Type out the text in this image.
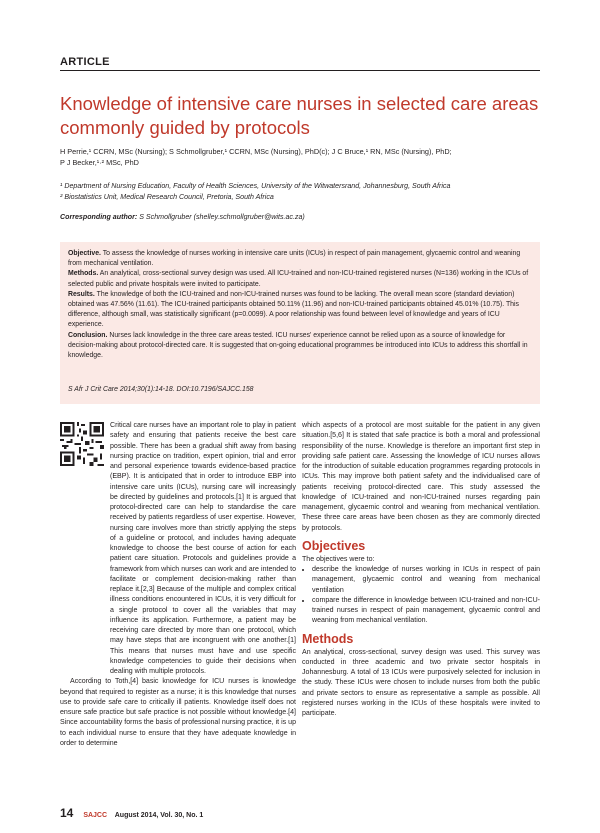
ARTICLE
Knowledge of intensive care nurses in selected care areas commonly guided by protocols
H Perrie,¹ CCRN, MSc (Nursing); S Schmollgruber,¹ CCRN, MSc (Nursing), PhD(c); J C Bruce,¹ RN, MSc (Nursing), PhD;
P J Becker,¹·² MSc, PhD
¹ Department of Nursing Education, Faculty of Health Sciences, University of the Witwatersrand, Johannesburg, South Africa
² Biostatistics Unit, Medical Research Council, Pretoria, South Africa
Corresponding author: S Schmollgruber (shelley.schmollgruber@wits.ac.za)

Objective. To assess the knowledge of nurses working in intensive care units (ICUs) in respect of pain management, glycaemic control and weaning from mechanical ventilation.

Methods. An analytical, cross-sectional survey design was used. All ICU-trained and non-ICU-trained registered nurses (N=136) working in the ICUs of selected public and private hospitals were invited to participate.

Results. The knowledge of both the ICU-trained and non-ICU-trained nurses was found to be lacking. The overall mean score (standard deviation) obtained was 47.56% (11.61). The ICU-trained participants obtained 50.11% (11.96) and non-ICU-trained participants obtained 45.01% (10.75). This difference, although small, was statistically significant (p=0.0099). A poor relationship was found between level of knowledge and years of ICU experience.

Conclusion. Nurses lack knowledge in the three care areas tested. ICU nurses' experience cannot be relied upon as a source of knowledge for decision-making about protocol-directed care. It is suggested that on-going educational programmes be introduced into ICUs to address this shortfall in knowledge.

S Afr J Crit Care 2014;30(1):14-18. DOI:10.7196/SAJCC.158

Critical care nurses have an important role to play in patient safety and ensuring that patients receive the best care possible. There has been a gradual shift away from basing nursing practice on tradition, expert opinion, trial and error and personal experience towards evidence-based practice (EBP). It is anticipated that in order to introduce EBP into intensive care units (ICUs), nursing care will increasingly be directed by guidelines and protocols.[1] It is argued that protocol-directed care can help to standardise the care received by patients regardless of user expertise. However, nursing care involves more than strictly applying the steps of a guideline or protocol, and includes having adequate knowledge to choose the best course of action for each patient care situation. Protocols and guidelines provide a framework from which nurses can work and are intended to facilitate or complement decision-making rather than replace it.[2,3] Because of the multiple and complex critical illness conditions encountered in ICUs, it is very difficult for a single protocol to cover all the variables that may influence its application. Furthermore, a patient may be receiving care directed by more than one protocol, which may have steps that are incongruent with one another.[1] This means that nurses must have and use specific knowledge competencies to guide their decisions when dealing with multiple protocols.

According to Toth,[4] basic knowledge for ICU nurses is knowledge beyond that required to register as a nurse; it is this knowledge that nurses use to provide safe care to critically ill patients. Knowledge itself does not ensure safe practice but safe practice is not possible without knowledge.[4] Since accountability forms the basis of professional nursing practice, it is up to each individual nurse to ensure that they have adequate knowledge in order to determine

which aspects of a protocol are most suitable for the patient in any given situation.[5,6] It is stated that safe practice is both a moral and professional responsibility of the nurse. Knowledge is therefore an important first step in providing safe patient care. Assessing the knowledge of ICU nurses allows for the introduction of suitable education programmes regarding protocols in ICUs. This may improve both patient safety and the individualised care of patients receiving protocol-directed care. This study assessed the knowledge of ICU-trained and non-ICU-trained nurses regarding pain management, glycaemic control and weaning from mechanical ventilation. These three care areas have been chosen as they are commonly directed by protocols.

Objectives

The objectives were to:

• describe the knowledge of nurses working in ICUs in respect of pain management, glycaemic control and weaning from mechanical ventilation
• compare the difference in knowledge between ICU-trained and non-ICU-trained nurses in respect of pain management, glycaemic control and weaning from mechanical ventilation.
Methods

An analytical, cross-sectional, survey design was used. This survey was conducted in three academic and two private sector hospitals in Johannesburg. A total of 13 ICUs were purposively selected for inclusion in the study. These ICUs were chosen to include nurses from both the public and private sectors to ensure as representative a sample as possible. All registered nurses working in the ICUs of these hospitals were invited to participate.

14 SAJCC August 2014, Vol. 30, No. 1
